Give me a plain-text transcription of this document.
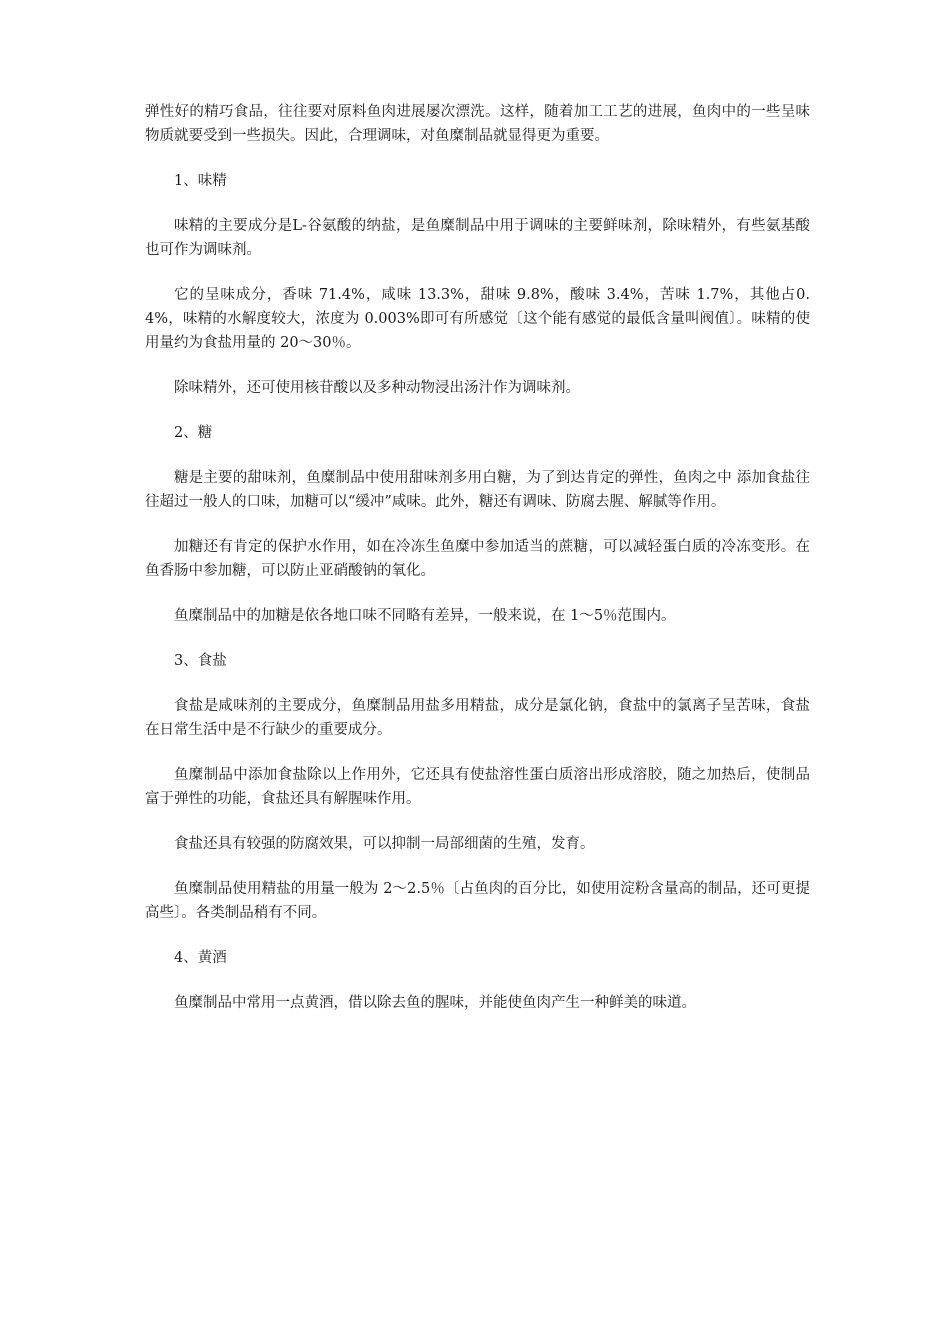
弹性好的精巧食品，往往要对原料鱼肉进展屡次漂洗。这样，随着加工工艺的进展，鱼肉中的一些呈味物质就要受到一些损失。因此，合理调味，对鱼糜制品就显得更为重要。

1、味精

味精的主要成分是L-谷氨酸的纳盐，是鱼糜制品中用于调味的主要鲜味剂，除味精外，有些氨基酸也可作为调味剂。

它的呈味成分，香味 71.4%，咸味 13.3%，甜味 9.8%，酸味 3.4%，苦味 1.7%，其他占0.4%，味精的水解度较大，浓度为 0.003%即可有所感觉〔这个能有感觉的最低含量叫阀值〕。味精的使用量约为食盐用量的 20～30％。

除味精外，还可使用核苷酸以及多种动物浸出汤汁作为调味剂。

2、糖

糖是主要的甜味剂，鱼糜制品中使用甜味剂多用白糖，为了到达肯定的弹性，鱼肉之中 添加食盐往往超过一般人的口味，加糖可以“缓冲”咸味。此外，糖还有调味、防腐去腥、解腻等作用。

加糖还有肯定的保护水作用，如在冷冻生鱼糜中参加适当的蔗糖，可以减轻蛋白质的冷冻变形。在鱼香肠中参加糖，可以防止亚硝酸钠的氧化。

鱼糜制品中的加糖是依各地口味不同略有差异，一般来说，在 1～5％范围内。

3、食盐

食盐是咸味剂的主要成分，鱼糜制品用盐多用精盐，成分是氯化钠，食盐中的氯离子呈苦味，食盐在日常生活中是不行缺少的重要成分。

鱼糜制品中添加食盐除以上作用外，它还具有使盐溶性蛋白质溶出形成溶胶，随之加热后，使制品富于弹性的功能，食盐还具有解腥味作用。

食盐还具有较强的防腐效果，可以抑制一局部细菌的生殖，发育。

鱼糜制品使用精盐的用量一般为 2～2.5％〔占鱼肉的百分比，如使用淀粉含量高的制品，还可更提高些〕。各类制品稍有不同。

4、黄酒

鱼糜制品中常用一点黄酒，借以除去鱼的腥味，并能使鱼肉产生一种鲜美的味道。
